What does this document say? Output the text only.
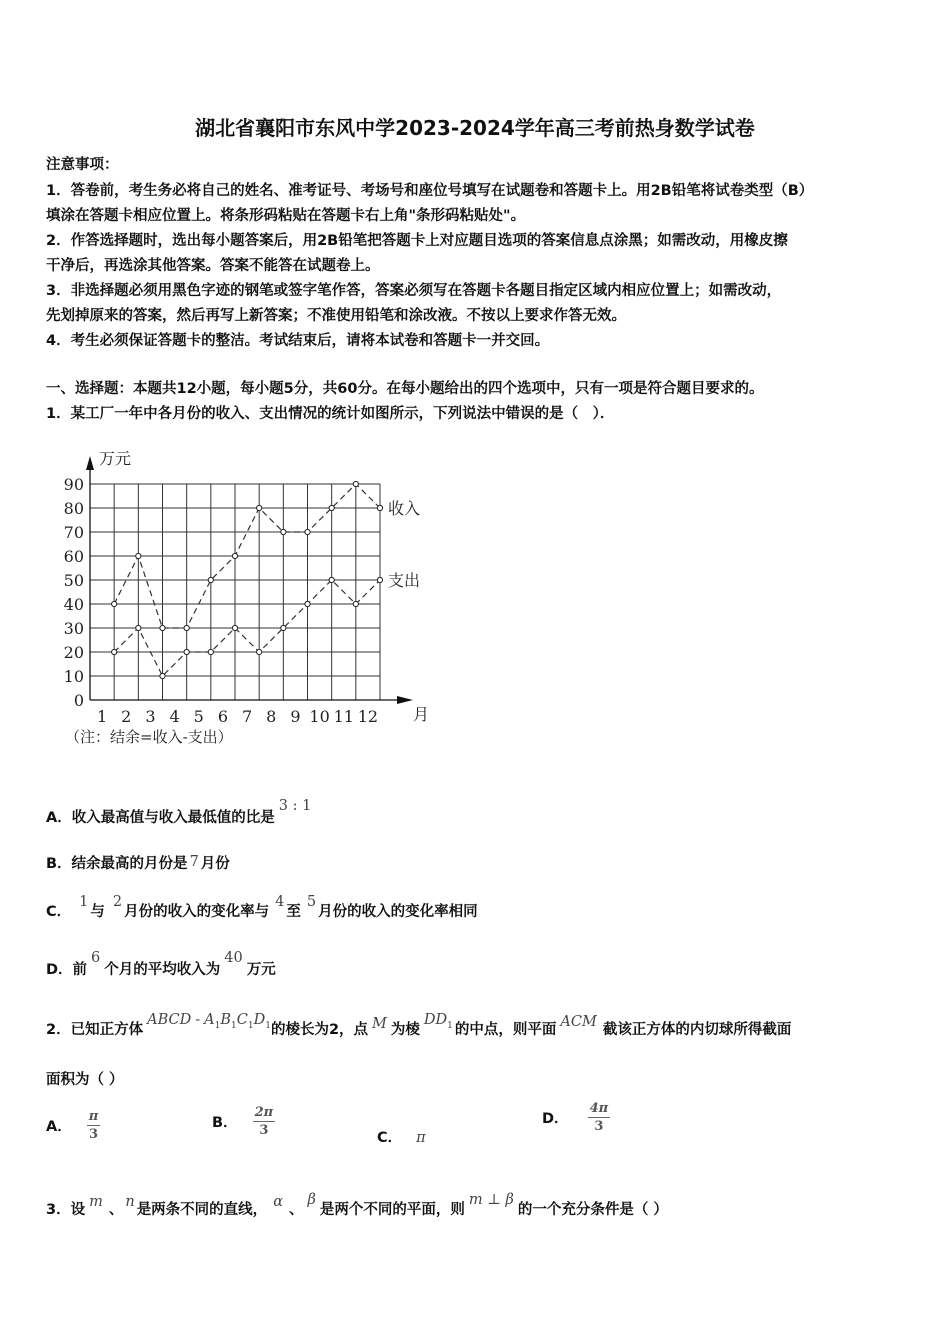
湖北省襄阳市东风中学2023-2024学年高三考前热身数学试卷
注意事项：
1．答卷前，考生务必将自己的姓名、准考证号、考场号和座位号填写在试题卷和答题卡上。用2B铅笔将试卷类型（B）
填涂在答题卡相应位置上。将条形码粘贴在答题卡右上角"条形码粘贴处"。
2．作答选择题时，选出每小题答案后，用2B铅笔把答题卡上对应题目选项的答案信息点涂黑；如需改动，用橡皮擦
干净后，再选涂其他答案。答案不能答在试题卷上。
3．非选择题必须用黑色字迹的钢笔或签字笔作答，答案必须写在答题卡各题目指定区域内相应位置上；如需改动，
先划掉原来的答案，然后再写上新答案；不准使用铅笔和涂改液。不按以上要求作答无效。
4．考生必须保证答题卡的整洁。考试结束后，请将本试卷和答题卡一并交回。
一、选择题：本题共12小题，每小题5分，共60分。在每小题给出的四个选项中，只有一项是符合题目要求的。
1．某工厂一年中各月份的收入、支出情况的统计如图所示，下列说法中错误的是（　）．
0
10
20
30
40
50
60
70
80
90
1 2 3 4 5 6 7 8 9 10 11 12
收入
支出
万元
月
（注：结余=收入-支出）
A．收入最高值与收入最低值的比是3 : 1
B．结余最高的月份是 7 月份
C．1与2月份的收入的变化率与4至5月份的收入的变化率相同
D．前6个月的平均收入为40万元
2．已知正方体ABCD - $A_1B_1C_1D_1$的棱长为2，点 M 为棱$DD_1$ 的中点，则平面 ACM 截该正方体的内切球所得截面
面积为（ ）
A． $\frac{\pi}{3}$	B． $\frac{2\pi}{3}$	C． π
D． $\frac{4\pi}{3}$
3．设 m 、 n 是两条不同的直线， α 、β是两个不同的平面，则m ⊥ β的一个充分条件是（ ）
